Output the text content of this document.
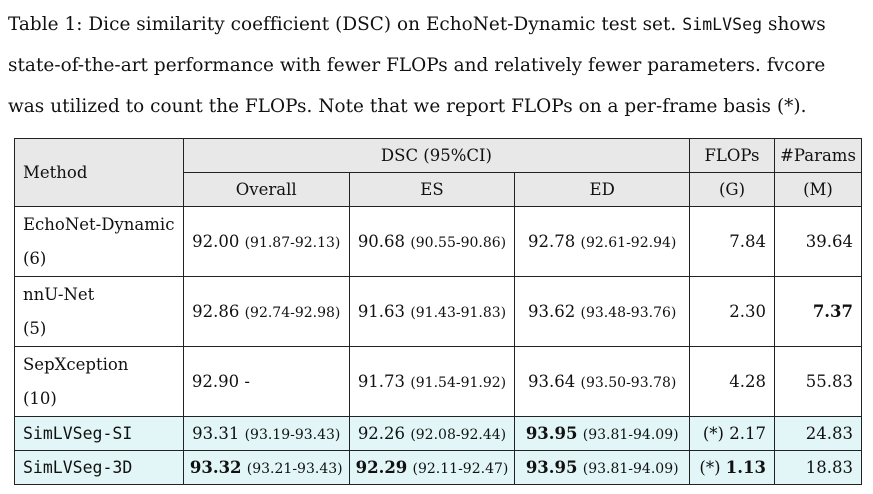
Table 1: Dice similarity coefficient (DSC) on EchoNet-Dynamic test set. SimLVSeg shows
state-of-the-art performance with fewer FLOPs and relatively fewer parameters. fvcore
was utilized to count the FLOPs. Note that we report FLOPs on a per-frame basis (*).
Method	DSC (95%CI)			FLOPs	#Params
	Overall	ES	ED	(G)	(M)
EchoNet-Dynamic
(6)	92.00 (91.87-92.13)	90.68 (90.55-90.86)	92.78 (92.61-92.94)	7.84	39.64
nnU-Net
(5)	92.86 (92.74-92.98)	91.63 (91.43-91.83)	93.62 (93.48-93.76)	2.30	7.37
SepXception
(10)	92.90 -	91.73 (91.54-91.92)	93.64 (93.50-93.78)	4.28	55.83
SimLVSeg-SI	93.31 (93.19-93.43)	92.26 (92.08-92.44)	93.95 (93.81-94.09)	(*) 2.17	24.83
SimLVSeg-3D	93.32 (93.21-93.43)	92.29 (92.11-92.47)	93.95 (93.81-94.09)	(*) 1.13	18.83
